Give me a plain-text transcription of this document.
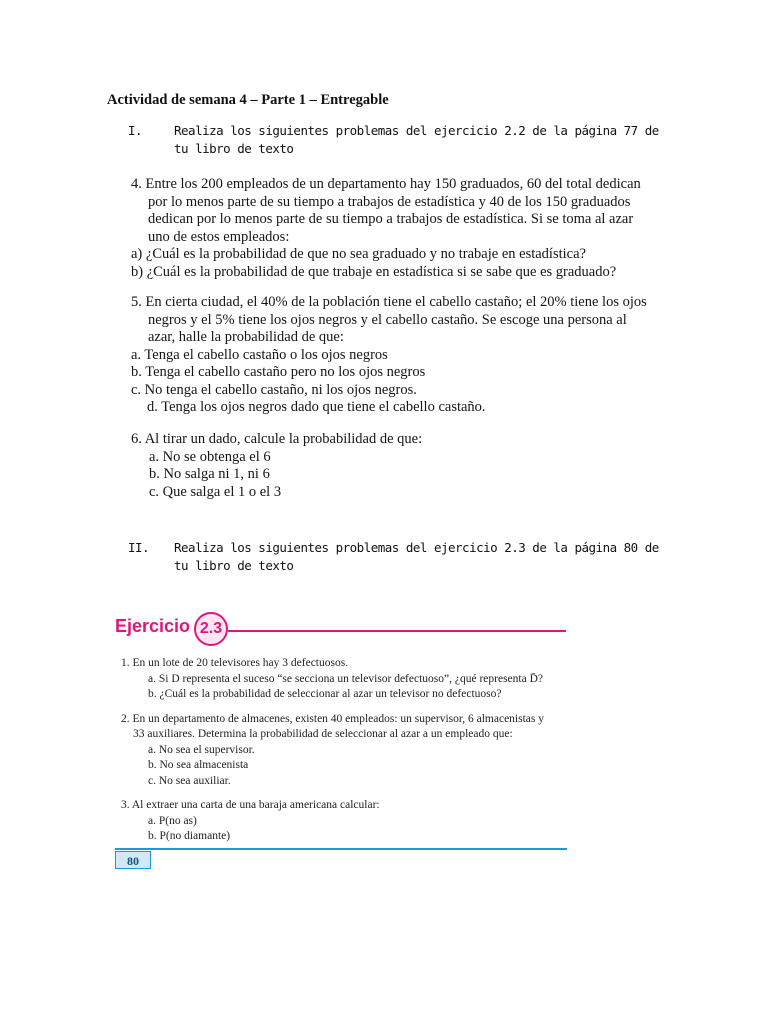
Actividad de semana 4 – Parte 1 – Entregable
I.	Realiza los siguientes problemas del ejercicio 2.2 de la página 77 de tu libro de texto

4. Entre los 200 empleados de un departamento hay 150 graduados, 60 del total dedican por lo menos parte de su tiempo a trabajos de estadística y 40 de los 150 graduados dedican por lo menos parte de su tiempo a trabajos de estadística. Si se toma al azar uno de estos empleados:

a) ¿Cuál es la probabilidad de que no sea graduado y no trabaje en estadística?

b) ¿Cuál es la probabilidad de que trabaje en estadística si se sabe que es graduado?

5. En cierta ciudad, el 40% de la población tiene el cabello castaño; el 20% tiene los ojos negros y el 5% tiene los ojos negros y el cabello castaño. Se escoge una persona al azar, halle la probabilidad de que:

a. Tenga el cabello castaño o los ojos negros

b. Tenga el cabello castaño pero no los ojos negros

c. No tenga el cabello castaño, ni los ojos negros.

d. Tenga los ojos negros dado que tiene el cabello castaño.

6. Al tirar un dado, calcule la probabilidad de que:

a. No se obtenga el 6

b. No salga ni 1, ni 6

c. Que salga el 1 o el 3

II. Realiza los siguientes problemas del ejercicio 2.3 de la página 80 de tu libro de texto
Ejercicio 2.3

1. En un lote de 20 televisores hay 3 defectuosos.

a. Si D representa el suceso “se secciona un televisor defectuoso”, ¿qué representa D̄?

b. ¿Cuál es la probabilidad de seleccionar al azar un televisor no defectuoso?

2. En un departamento de almacenes, existen 40 empleados: un supervisor, 6 almacenistas y

33 auxiliares. Determina la probabilidad de seleccionar al azar a un empleado que:

a. No sea el supervisor.

b. No sea almacenista

c. No sea auxiliar.

3. Al extraer una carta de una baraja americana calcular:

a. P(no as)

b. P(no diamante)

80
